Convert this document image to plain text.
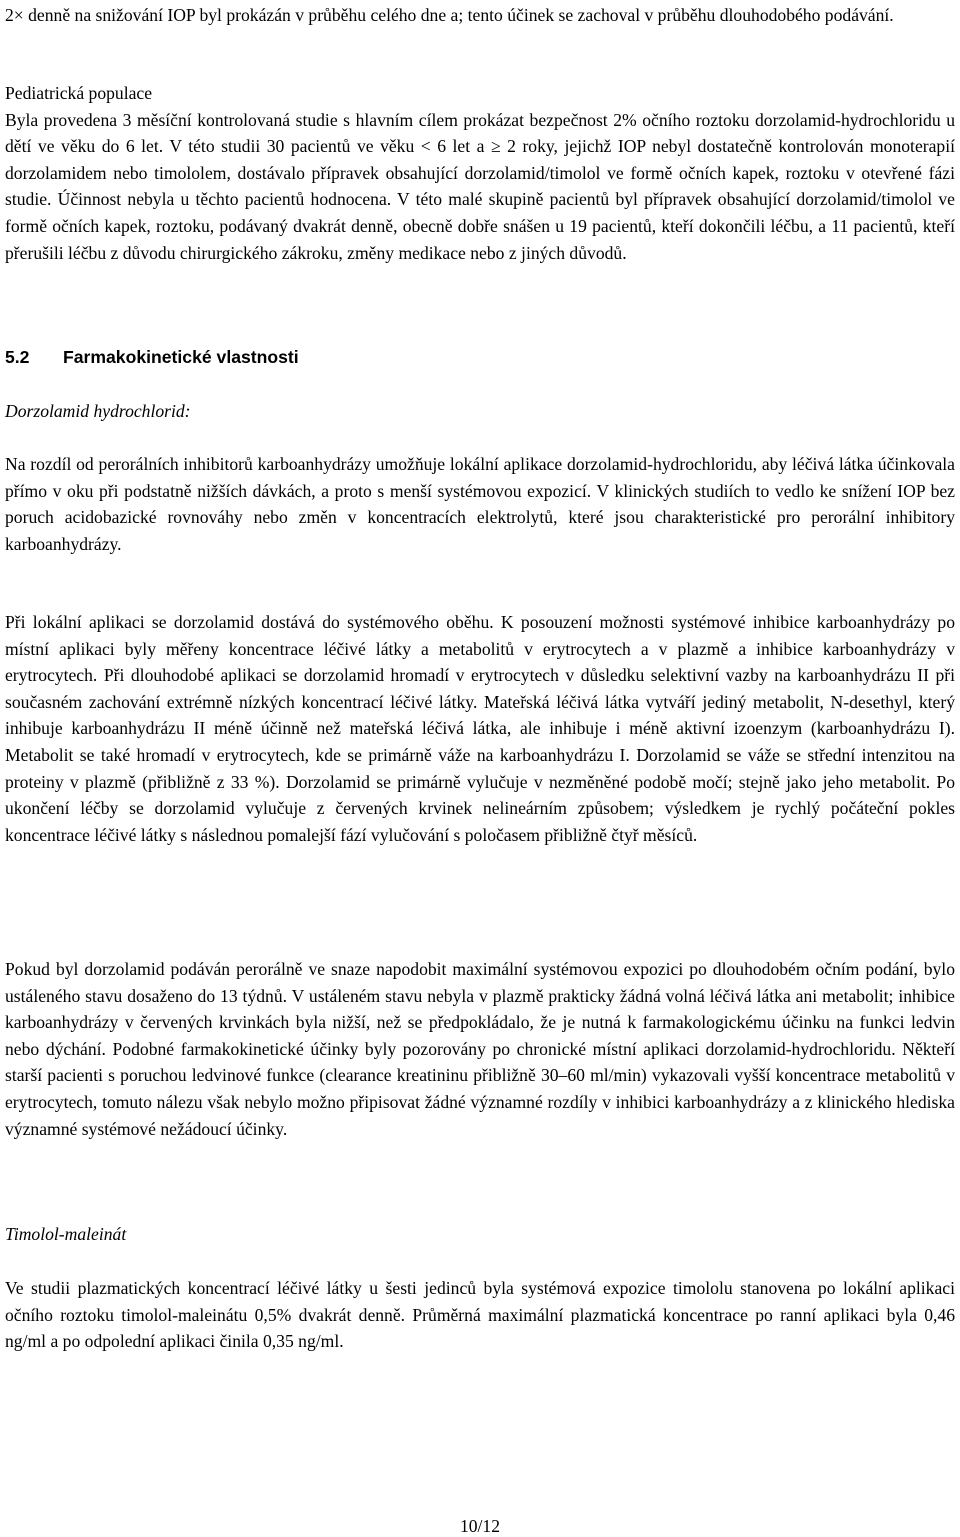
2× denně na snižování IOP byl prokázán v průběhu celého dne a; tento účinek se zachoval v průběhu dlouhodobého podávání.

Pediatrická populace

Byla provedena 3 měsíční kontrolovaná studie s hlavním cílem prokázat bezpečnost 2% očního roztoku dorzolamid-hydrochloridu u dětí ve věku do 6 let. V této studii 30 pacientů ve věku < 6 let a ≥ 2 roky, jejichž IOP nebyl dostatečně kontrolován monoterapií dorzolamidem nebo timololem, dostávalo přípravek obsahující dorzolamid/timolol ve formě očních kapek, roztoku v otevřené fázi studie. Účinnost nebyla u těchto pacientů hodnocena. V této malé skupině pacientů byl přípravek obsahující dorzolamid/timolol ve formě očních kapek, roztoku, podávaný dvakrát denně, obecně dobře snášen u 19 pacientů, kteří dokončili léčbu, a 11 pacientů, kteří přerušili léčbu z důvodu chirurgického zákroku, změny medikace nebo z jiných důvodů.

5.2 Farmakokinetické vlastnosti
Dorzolamid hydrochlorid:

Na rozdíl od perorálních inhibitorů karboanhydrázy umožňuje lokální aplikace dorzolamid-hydrochloridu, aby léčivá látka účinkovala přímo v oku při podstatně nižších dávkách, a proto s menší systémovou expozicí. V klinických studiích to vedlo ke snížení IOP bez poruch acidobazické rovnováhy nebo změn v koncentracích elektrolytů, které jsou charakteristické pro perorální inhibitory karboanhydrázy.

Při lokální aplikaci se dorzolamid dostává do systémového oběhu. K posouzení možnosti systémové inhibice karboanhydrázy po místní aplikaci byly měřeny koncentrace léčivé látky a metabolitů v erytrocytech a v plazmě a inhibice karboanhydrázy v erytrocytech. Při dlouhodobé aplikaci se dorzolamid hromadí v erytrocytech v důsledku selektivní vazby na karboanhydrázu II při současném zachování extrémně nízkých koncentrací léčivé látky. Mateřská léčivá látka vytváří jediný metabolit, N-desethyl, který inhibuje karboanhydrázu II méně účinně než mateřská léčivá látka, ale inhibuje i méně aktivní izoenzym (karboanhydrázu I). Metabolit se také hromadí v erytrocytech, kde se primárně váže na karboanhydrázu I. Dorzolamid se váže se střední intenzitou na proteiny v plazmě (přibližně z 33 %). Dorzolamid se primárně vylučuje v nezměněné podobě močí; stejně jako jeho metabolit. Po ukončení léčby se dorzolamid vylučuje z červených krvinek nelineárním způsobem; výsledkem je rychlý počáteční pokles koncentrace léčivé látky s následnou pomalejší fází vylučování s poločasem přibližně čtyř měsíců.

Pokud byl dorzolamid podáván perorálně ve snaze napodobit maximální systémovou expozici po dlouhodobém očním podání, bylo ustáleného stavu dosaženo do 13 týdnů. V ustáleném stavu nebyla v plazmě prakticky žádná volná léčivá látka ani metabolit; inhibice karboanhydrázy v červených krvinkách byla nižší, než se předpokládalo, že je nutná k farmakologickému účinku na funkci ledvin nebo dýchání. Podobné farmakokinetické účinky byly pozorovány po chronické místní aplikaci dorzolamid-hydrochloridu. Někteří starší pacienti s poruchou ledvinové funkce (clearance kreatininu přibližně 30–60 ml/min) vykazovali vyšší koncentrace metabolitů v erytrocytech, tomuto nálezu však nebylo možno připisovat žádné významné rozdíly v inhibici karboanhydrázy a z klinického hlediska významné systémové nežádoucí účinky.

Timolol-maleinát

Ve studii plazmatických koncentrací léčivé látky u šesti jedinců byla systémová expozice timololu stanovena po lokální aplikaci očního roztoku timolol-maleinátu 0,5% dvakrát denně. Průměrná maximální plazmatická koncentrace po ranní aplikaci byla 0,46 ng/ml a po odpolední aplikaci činila 0,35 ng/ml.

10/12
